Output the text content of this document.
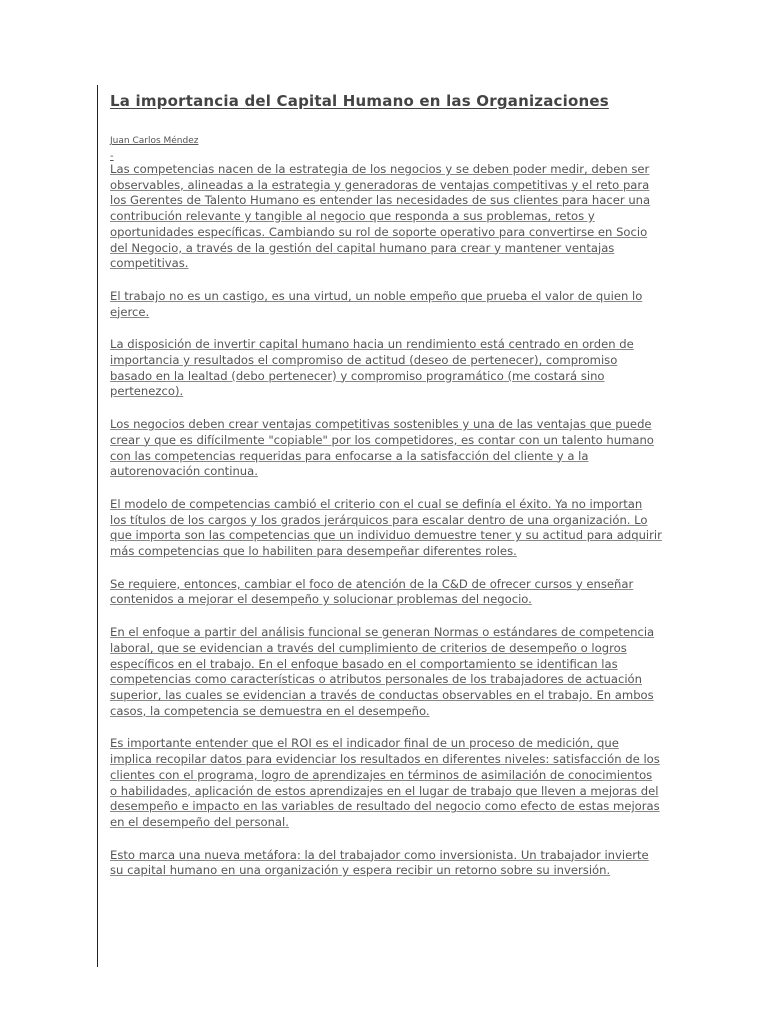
La importancia del Capital Humano en las Organizaciones

Juan Carlos Méndez

-

Las competencias nacen de la estrategia de los negocios y se deben poder medir, deben ser observables, alineadas a la estrategia y generadoras de ventajas competitivas y el reto para los Gerentes de Talento Humano es entender las necesidades de sus clientes para hacer una contribución relevante y tangible al negocio que responda a sus problemas, retos y oportunidades específicas. Cambiando su rol de soporte operativo para convertirse en Socio del Negocio, a través de la gestión del capital humano para crear y mantener ventajas competitivas.

El trabajo no es un castigo, es una virtud, un noble empeño que prueba el valor de quien lo ejerce.

La disposición de invertir capital humano hacia un rendimiento está centrado en orden de importancia y resultados el compromiso de actitud (deseo de pertenecer), compromiso basado en la lealtad (debo pertenecer) y compromiso programático (me costará sino pertenezco).

Los negocios deben crear ventajas competitivas sostenibles y una de las ventajas que puede crear y que es difícilmente "copiable" por los competidores, es contar con un talento humano con las competencias requeridas para enfocarse a la satisfacción del cliente y a la autorenovación continua.

El modelo de competencias cambió el criterio con el cual se definía el éxito. Ya no importan los títulos de los cargos y los grados jerárquicos para escalar dentro de una organización. Lo que importa son las competencias que un individuo demuestre tener y su actitud para adquirir más competencias que lo habiliten para desempeñar diferentes roles.

Se requiere, entonces, cambiar el foco de atención de la C&D de ofrecer cursos y enseñar contenidos a mejorar el desempeño y solucionar problemas del negocio.

En el enfoque a partir del análisis funcional se generan Normas o estándares de competencia laboral, que se evidencian a través del cumplimiento de criterios de desempeño o logros específicos en el trabajo. En el enfoque basado en el comportamiento se identifican las competencias como características o atributos personales de los trabajadores de actuación superior, las cuales se evidencian a través de conductas observables en el trabajo. En ambos casos, la competencia se demuestra en el desempeño.

Es importante entender que el ROI es el indicador final de un proceso de medición, que implica recopilar datos para evidenciar los resultados en diferentes niveles: satisfacción de los clientes con el programa, logro de aprendizajes en términos de asimilación de conocimientos o habilidades, aplicación de estos aprendizajes en el lugar de trabajo que lleven a mejoras del desempeño e impacto en las variables de resultado del negocio como efecto de estas mejoras en el desempeño del personal.

Esto marca una nueva metáfora: la del trabajador como inversionista. Un trabajador invierte su capital humano en una organización y espera recibir un retorno sobre su inversión.
